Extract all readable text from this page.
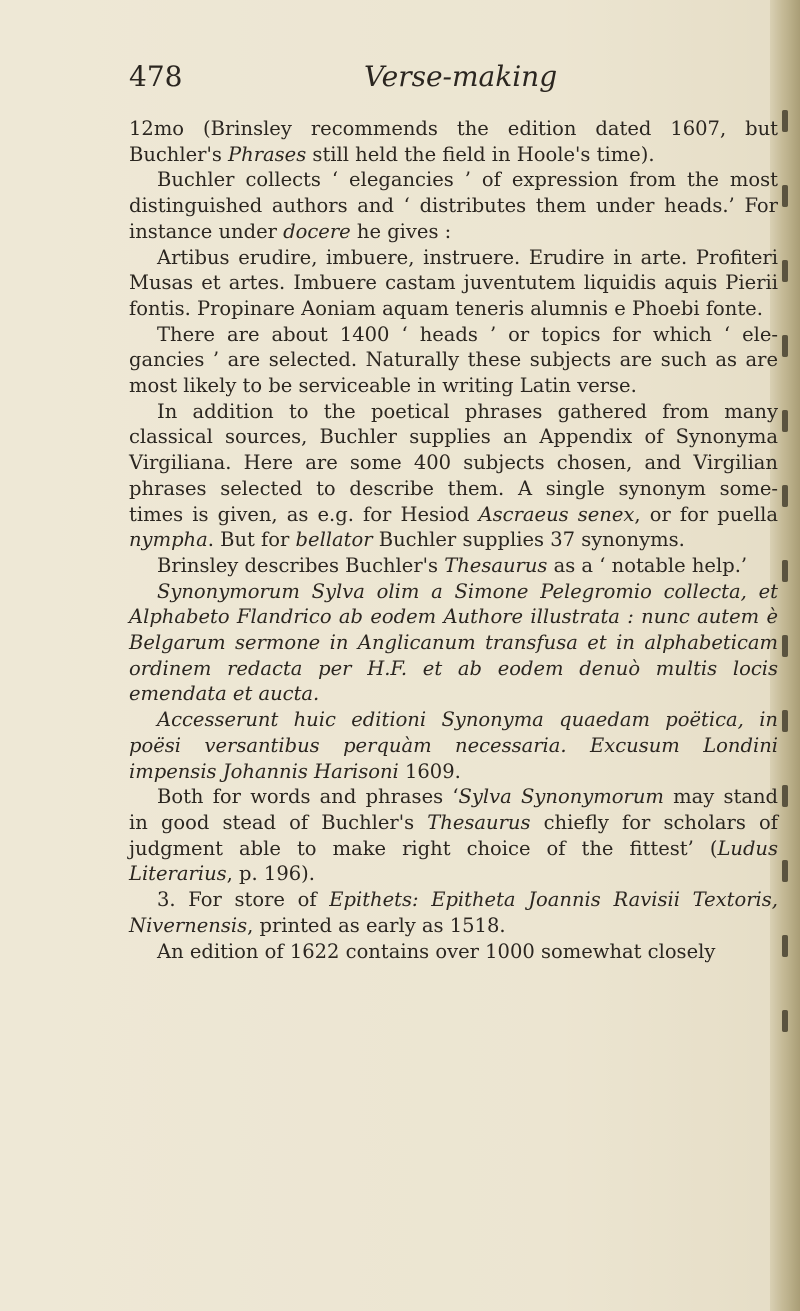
478	Verse-making

12mo (Brinsley recommends the edition dated 1607, but Buchler's Phrases still held the field in Hoole's time).

Buchler collects ‘ elegancies ’ of expression from the most distinguished authors and ‘ distributes them under heads.’ For instance under docere he gives :

Artibus erudire, imbuere, instruere. Erudire in arte. Profiteri Musas et artes. Imbuere castam juventutem liquidis aquis Pierii fontis. Propinare Aoniam aquam teneris alumnis e Phoebi fonte.

There are about 1400 ‘ heads ’ or topics for which ‘ ele- gancies ’ are selected. Naturally these subjects are such as are most likely to be serviceable in writing Latin verse.

In addition to the poetical phrases gathered from many classical sources, Buchler supplies an Appendix of Synonyma Virgiliana. Here are some 400 subjects chosen, and Virgilian phrases selected to describe them. A single synonym some- times is given, as e.g. for Hesiod Ascraeus senex, or for puella nympha. But for bellator Buchler supplies 37 synonyms.

Brinsley describes Buchler's Thesaurus as a ‘ notable help.’

Synonymorum Sylva olim a Simone Pelegromio collecta, et Alphabeto Flandrico ab eodem Authore illustrata : nunc autem è Belgarum sermone in Anglicanum transfusa et in alphabeticam ordinem redacta per H.F. et ab eodem denuò multis locis emendata et aucta.

Accesserunt huic editioni Synonyma quaedam poëtica, in poësi versantibus perquàm necessaria. Excusum Londini impensis Johannis Harisoni 1609.

Both for words and phrases ‘Sylva Synonymorum may stand in good stead of Buchler's Thesaurus chiefly for scholars of judgment able to make right choice of the fittest’ (Ludus Literarius, p. 196).

3. For store of Epithets: Epitheta Joannis Ravisii Textoris, Nivernensis, printed as early as 1518.

An edition of 1622 contains over 1000 somewhat closely
